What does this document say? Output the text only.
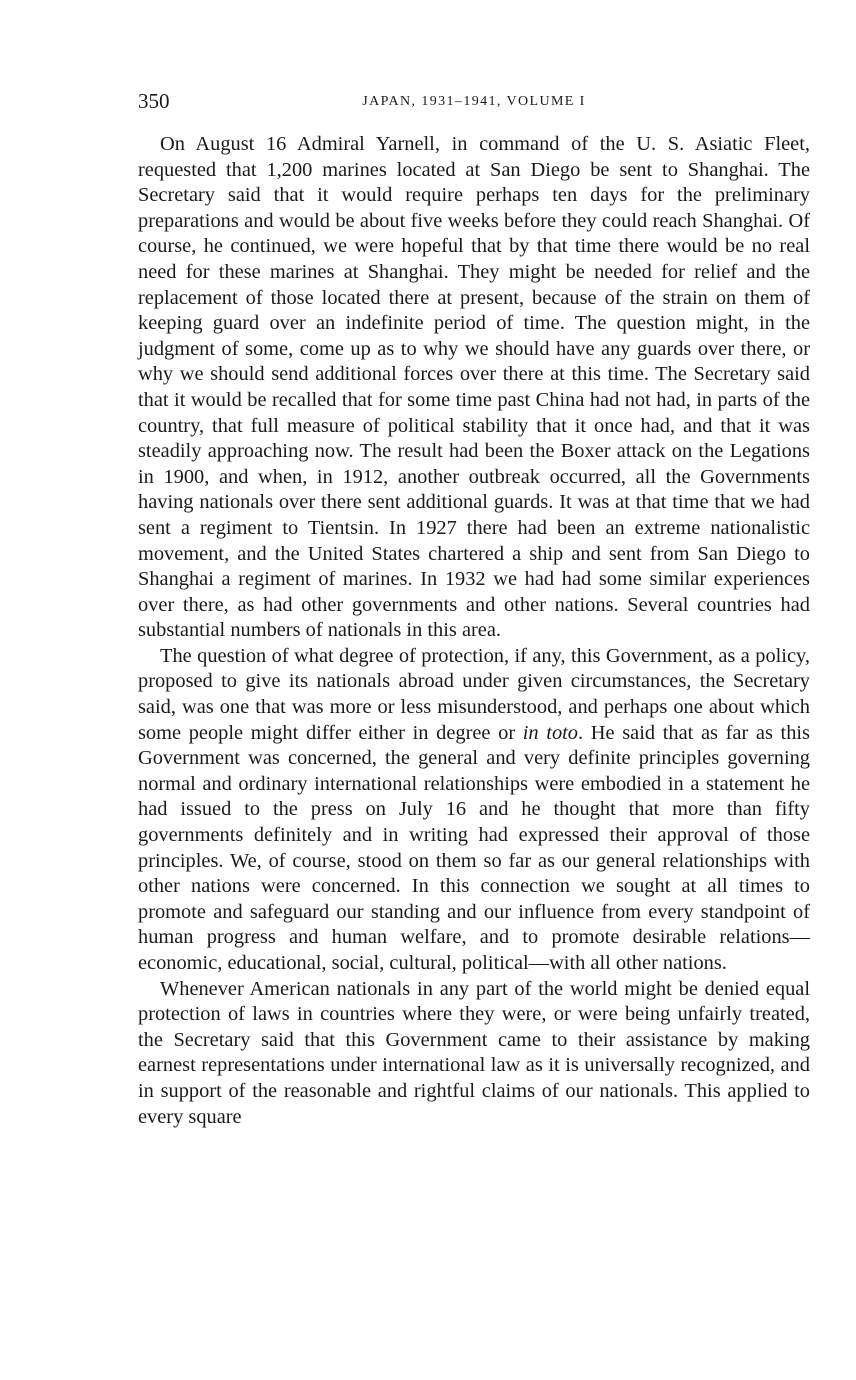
350	JAPAN, 1931–1941, VOLUME I

On August 16 Admiral Yarnell, in command of the U. S. Asiatic Fleet, requested that 1,200 marines located at San Diego be sent to Shanghai. The Secretary said that it would require perhaps ten days for the preliminary preparations and would be about five weeks before they could reach Shanghai. Of course, he continued, we were hopeful that by that time there would be no real need for these marines at Shanghai. They might be needed for relief and the replacement of those located there at present, because of the strain on them of keeping guard over an indefinite period of time. The question might, in the judgment of some, come up as to why we should have any guards over there, or why we should send additional forces over there at this time. The Secretary said that it would be recalled that for some time past China had not had, in parts of the country, that full measure of political stability that it once had, and that it was steadily approaching now. The result had been the Boxer attack on the Legations in 1900, and when, in 1912, another outbreak occurred, all the Governments having nationals over there sent additional guards. It was at that time that we had sent a regiment to Tientsin. In 1927 there had been an extreme nationalistic movement, and the United States chartered a ship and sent from San Diego to Shanghai a regiment of marines. In 1932 we had had some similar experiences over there, as had other governments and other nations. Several countries had substantial numbers of nationals in this area.

The question of what degree of protection, if any, this Government, as a policy, proposed to give its nationals abroad under given circumstances, the Secretary said, was one that was more or less misunderstood, and perhaps one about which some people might differ either in degree or in toto. He said that as far as this Government was concerned, the general and very definite principles governing normal and ordinary international relationships were embodied in a statement he had issued to the press on July 16 and he thought that more than fifty governments definitely and in writing had expressed their approval of those principles. We, of course, stood on them so far as our general relationships with other nations were concerned. In this connection we sought at all times to promote and safeguard our standing and our influence from every standpoint of human progress and human welfare, and to promote desirable relations—economic, educational, social, cultural, political—with all other nations.

Whenever American nationals in any part of the world might be denied equal protection of laws in countries where they were, or were being unfairly treated, the Secretary said that this Government came to their assistance by making earnest representations under international law as it is universally recognized, and in support of the reasonable and rightful claims of our nationals. This applied to every square
